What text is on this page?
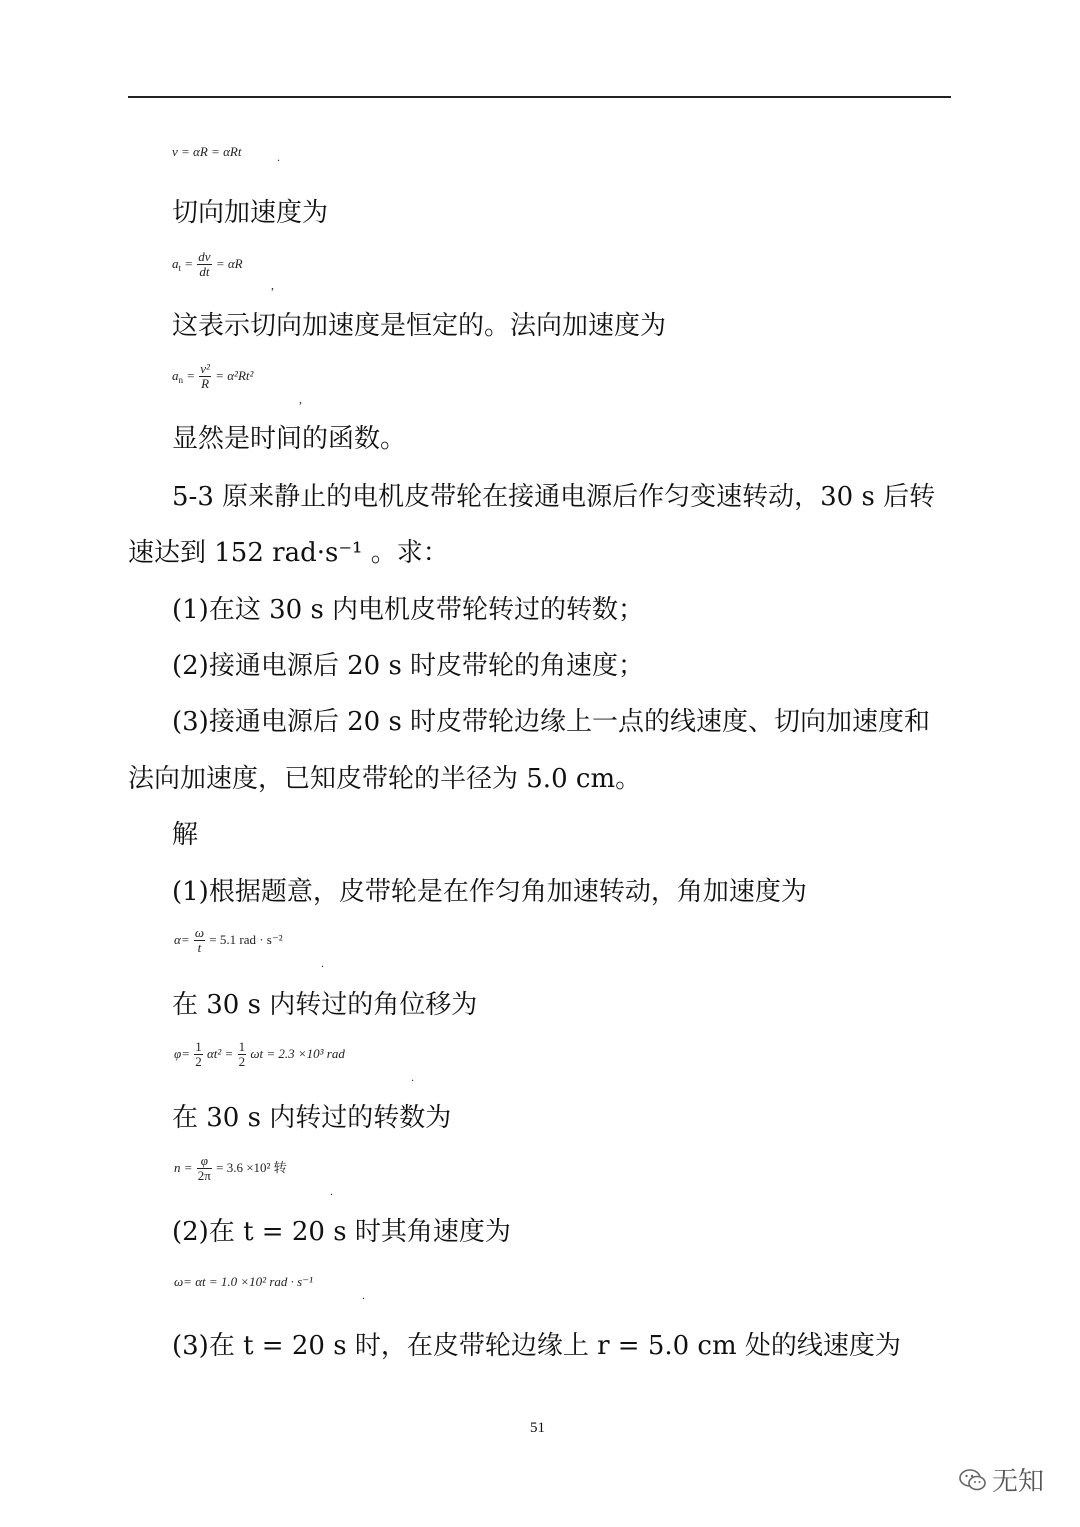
v = αR = αRt	.
切向加速度为
$a_t = \frac{dv}{dt} = \alpha R$
,
这表示切向加速度是恒定的。法向加速度为
$a_n = \frac{\text{v²}}{R} = \alpha^2Rt^2$
,
显然是时间的函数。
5-3 原来静止的电机皮带轮在接通电源后作匀变速转动，30 s 后转
速达到 152 rad·s⁻¹ 。求：
(1)在这 30 s 内电机皮带轮转过的转数；
(2)接通电源后 20 s 时皮带轮的角速度；
(3)接通电源后 20 s 时皮带轮边缘上一点的线速度、切向加速度和
法向加速度，已知皮带轮的半径为 5.0 cm。
解
(1)根据题意，皮带轮是在作匀角加速转动，角加速度为
$\alpha= \frac{\omega}{t} = 5.1$ rad · s⁻²
.
在 30 s 内转过的角位移为
$\varphi= \frac{1}{2} \alpha t^2 = \frac{1}{2}$ ωt = 2.3 ×10³ rad
.
在 30 s 内转过的转数为
$n = \frac{\varphi}{2\pi} = 3.6 \times 10^2$ 转
.
(2)在 t = 20 s 时其角速度为
ω= αt = 1.0 ×10² rad · s⁻¹
.
(3)在 t = 20 s 时，在皮带轮边缘上 r = 5.0 cm 处的线速度为
51
无知
